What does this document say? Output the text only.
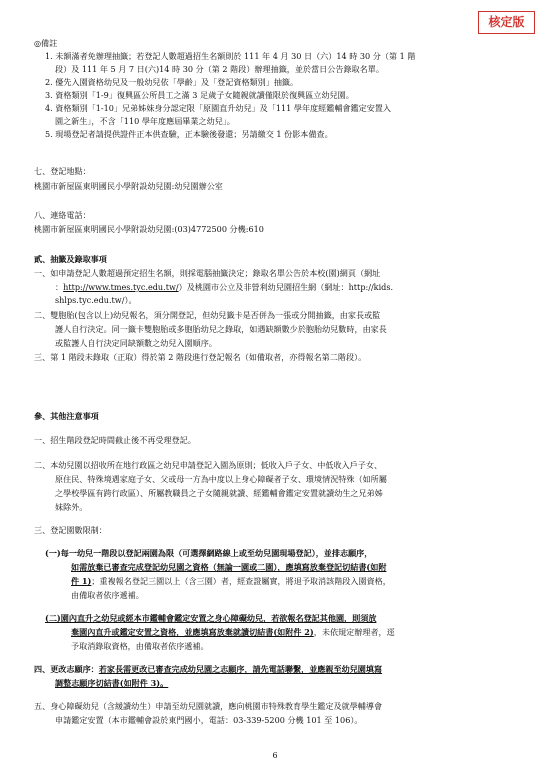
核定版
◎備註
1. 未額滿者免辦理抽籤；若登記人數超過招生名額則於 111 年 4 月 30 日（六）14 時 30 分（第 1 階
段）及 111 年 5 月 7 日(六)14 時 30 分（第 2 階段）辦理抽籤，並於當日公告錄取名單。
2. 優先入園資格幼兒及一般幼兒依「學齡」及「登記資格類別」抽籤。
3. 資格類別「1-9」復興區公所員工之滿 3 足歲子女隨親就讀僅限於復興區立幼兒園。
4. 資格類別「1-10」兄弟姊妹身分認定限「原園直升幼兒」及「111 學年度經鑑輔會鑑定安置入
園之新生」，不含「110 學年度應屆畢業之幼兒」。
5. 現場登記者請提供證件正本供查驗，正本驗後發還；另請繳交 1 份影本備查。
七、登記地點：
桃園市新屋區東明國民小學附設幼兒園:幼兒園辦公室
八、連絡電話：
桃園市新屋區東明國民小學附設幼兒園:(03)4772500 分機:610
貳、抽籤及錄取事項
一、如申請登記人數超過預定招生名額，則採電腦抽籤決定；錄取名單公告於本校(園)網頁（網址
：http://www.tmes.tyc.edu.tw/）及桃園市公立及非營利幼兒園招生網（網址：http://kids.
shlps.tyc.edu.tw/）。
二、雙胞胎(包含以上)幼兒報名，須分開登記，但幼兒籤卡是否併為一張或分開抽籤，由家長或監
護人自行決定。同一籤卡雙胞胎或多胞胎幼兒之錄取，如遇缺額數少於胞胎幼兒數時，由家長
或監護人自行決定同缺額數之幼兒入園順序。
三、第 1 階段未錄取（正取）得於第 2 階段進行登記報名（如備取者，亦得報名第二階段）。
參、其他注意事項
一、招生階段登記時間截止後不再受理登記。
二、本幼兒園以招收所在地行政區之幼兒申請登記入園為原則；低收入戶子女、中低收入戶子女、
原住民、特殊境遇家庭子女、父或母一方為中度以上身心障礙者子女、環境情況特殊（如所屬
之學校學區有跨行政區）、所屬教職員之子女隨親就讀、經鑑輔會鑑定安置就讀幼生之兄弟姊
妹除外。
三、登記園數限制：
(一)每一幼兒一階段以登記兩園為限（可選擇網路線上或至幼兒園現場登記），並排志願序，
如需放棄已審查完成登記幼兒園之資格（無論一園或二園），應填寫放棄登記切結書(如附
件 1)；重複報名登記三園以上（含三園）者，經查證屬實，將退予取消該階段入園資格，
由備取者依序遞補。
(二)園內直升之幼兒或經本市鑑輔會鑑定安置之身心障礙幼兒，若欲報名登記其他園，則須放
棄園內直升或鑑定安置之資格，並應填寫放棄就讀切結書(如附件 2)，未依規定辦理者，逕
予取消錄取資格，由備取者依序遞補。
四、更改志願序：若家長需更改已審查完成幼兒園之志願序，請先電話聯繫，並應親至幼兒園填寫
調整志願序切結書(如附件 3)。
五、身心障礙幼兒（含緩讀幼生）申請至幼兒園就讀，應向桃園市特殊教育學生鑑定及就學輔導會
申請鑑定安置（本市鑑輔會設於東門國小，電話：03-339-5200 分機 101 至 106）。
6
